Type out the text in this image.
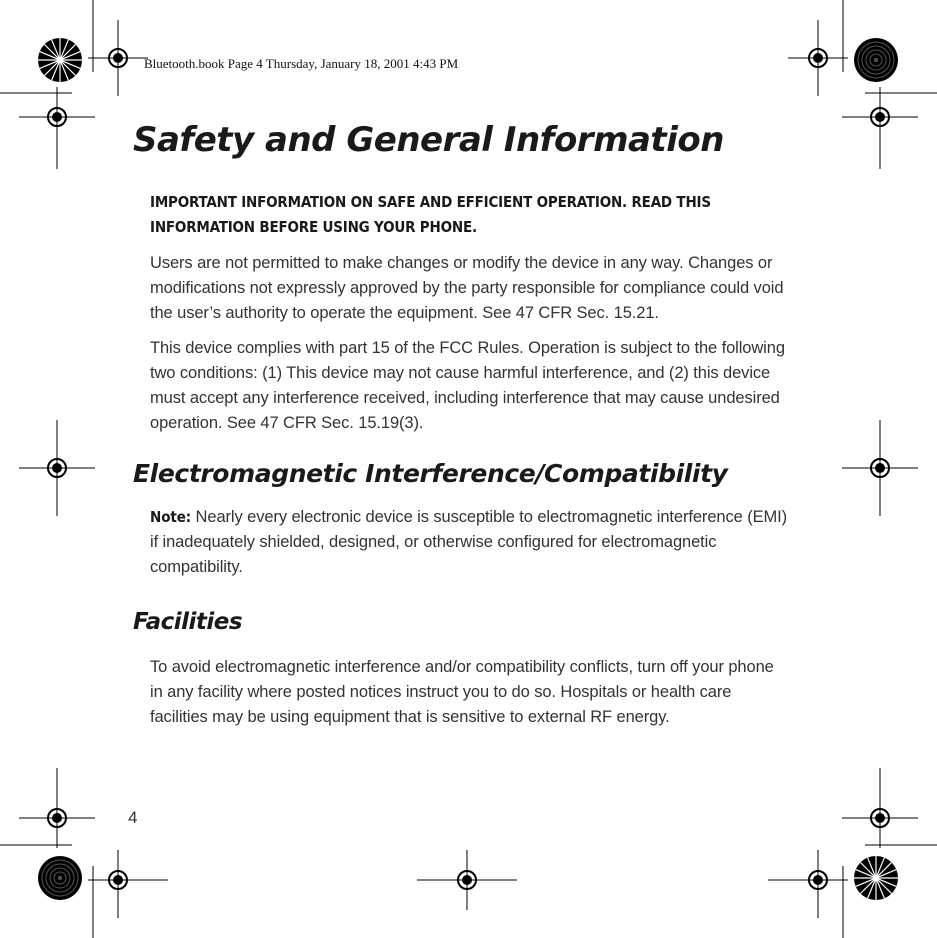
Bluetooth.book Page 4 Thursday, January 18, 2001 4:43 PM
Safety and General Information

IMPORTANT INFORMATION ON SAFE AND EFFICIENT OPERATION. READ THIS INFORMATION BEFORE USING YOUR PHONE.

Users are not permitted to make changes or modify the device in any way. Changes or modiﬁcations not expressly approved by the party responsible for compliance could void the user’s authority to operate the equipment. See 47 CFR Sec. 15.21.

This device complies with part 15 of the FCC Rules. Operation is subject to the following two conditions: (1) This device may not cause harmful interference, and (2) this device must accept any interference received, including interference that may cause undesired operation. See 47 CFR Sec. 15.19(3).

Electromagnetic Interference/Compatibility

Note: Nearly every electronic device is susceptible to electromagnetic interference (EMI) if inadequately shielded, designed, or otherwise conﬁgured for electromagnetic compatibility.

Facilities

To avoid electromagnetic interference and/or compatibility conﬂicts, turn off your phone in any facility where posted notices instruct you to do so. Hospitals or health care facilities may be using equipment that is sensitive to external RF energy.

4
